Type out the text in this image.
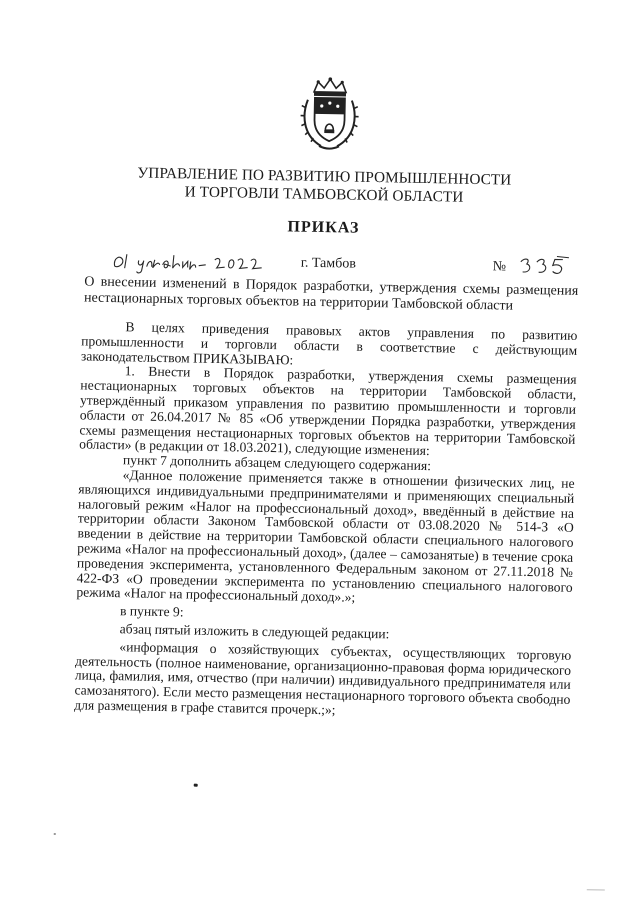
УПРАВЛЕНИЕ ПО РАЗВИТИЮ ПРОМЫШЛЕННОСТИ
И ТОРГОВЛИ ТАМБОВСКОЙ ОБЛАСТИ
ПРИКАЗ
г. Тамбов	№
О внесении изменений в Порядок разработки, утверждения схемы размещения нестационарных торговых объектов на территории Тамбовской области

В целях приведения правовых актов управления по развитию промышленности и торговли области в соответствие с действующим законодательством ПРИКАЗЫВАЮ:

1. Внести в Порядок разработки, утверждения схемы размещения нестационарных торговых объектов на территории Тамбовской области, утверждённый приказом управления по развитию промышленности и торговли области от 26.04.2017 № 85 «Об утверждении Порядка разработки, утверждения схемы размещения нестационарных торговых объектов на территории Тамбовской области» (в редакции от 18.03.2021), следующие изменения:

пункт 7 дополнить абзацем следующего содержания:

«Данное положение применяется также в отношении физических лиц, не являющихся индивидуальными предпринимателями и применяющих специальный налоговый режим «Налог на профессиональный доход», введённый в действие на территории области Законом Тамбовской области от 03.08.2020 № 514-З «О введении в действие на территории Тамбовской области специального налогового режима «Налог на профессиональный доход», (далее – самозанятые) в течение срока проведения эксперимента, установленного Федеральным законом от 27.11.2018 № 422-ФЗ «О проведении эксперимента по установлению специального налогового режима «Налог на профессиональный доход».»;

в пункте 9:

абзац пятый изложить в следующей редакции:

«информация о хозяйствующих субъектах, осуществляющих торговую деятельность (полное наименование, организационно-правовая форма юридического лица, фамилия, имя, отчество (при наличии) индивидуального предпринимателя или самозанятого). Если место размещения нестационарного торгового объекта свободно для размещения в графе ставится прочерк.;»;
